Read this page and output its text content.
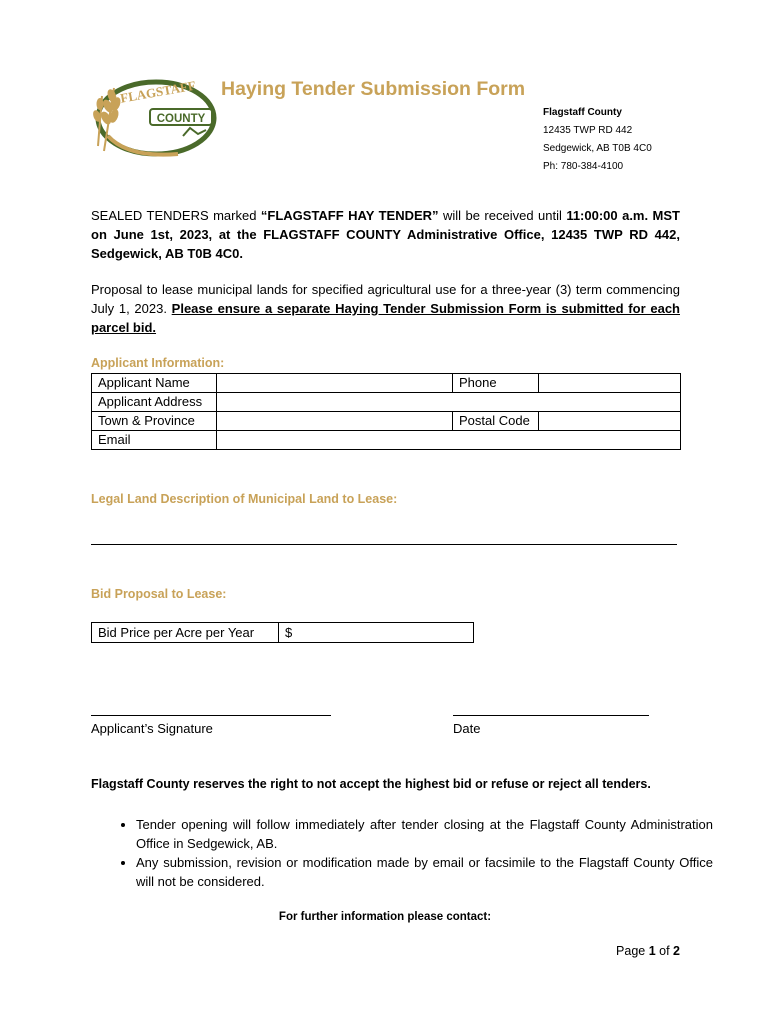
FLAGSTAFF
COUNTY
Haying Tender Submission Form
Flagstaff County
12435 TWP RD 442
Sedgewick, AB T0B 4C0
Ph: 780-384-4100
SEALED TENDERS marked “FLAGSTAFF HAY TENDER” will be received until 11:00:00 a.m. MST on June 1st, 2023, at the FLAGSTAFF COUNTY Administrative Office, 12435 TWP RD 442, Sedgewick, AB T0B 4C0.
Proposal to lease municipal lands for specified agricultural use for a three-year (3) term commencing July 1, 2023. Please ensure a separate Haying Tender Submission Form is submitted for each parcel bid.
Applicant Information:
Applicant Name		Phone	
Applicant Address			
Town & Province		Postal Code	
Email			
Legal Land Description of Municipal Land to Lease:
Bid Proposal to Lease:
Bid Price per Acre per Year	$
Applicant’s Signature	Date
Flagstaff County reserves the right to not accept the highest bid or refuse or reject all tenders.
• Tender opening will follow immediately after tender closing at the Flagstaff County Administration Office in Sedgewick, AB.
• Any submission, revision or modification made by email or facsimile to the Flagstaff County Office will not be considered.
For further information please contact:
Page 1 of 2
